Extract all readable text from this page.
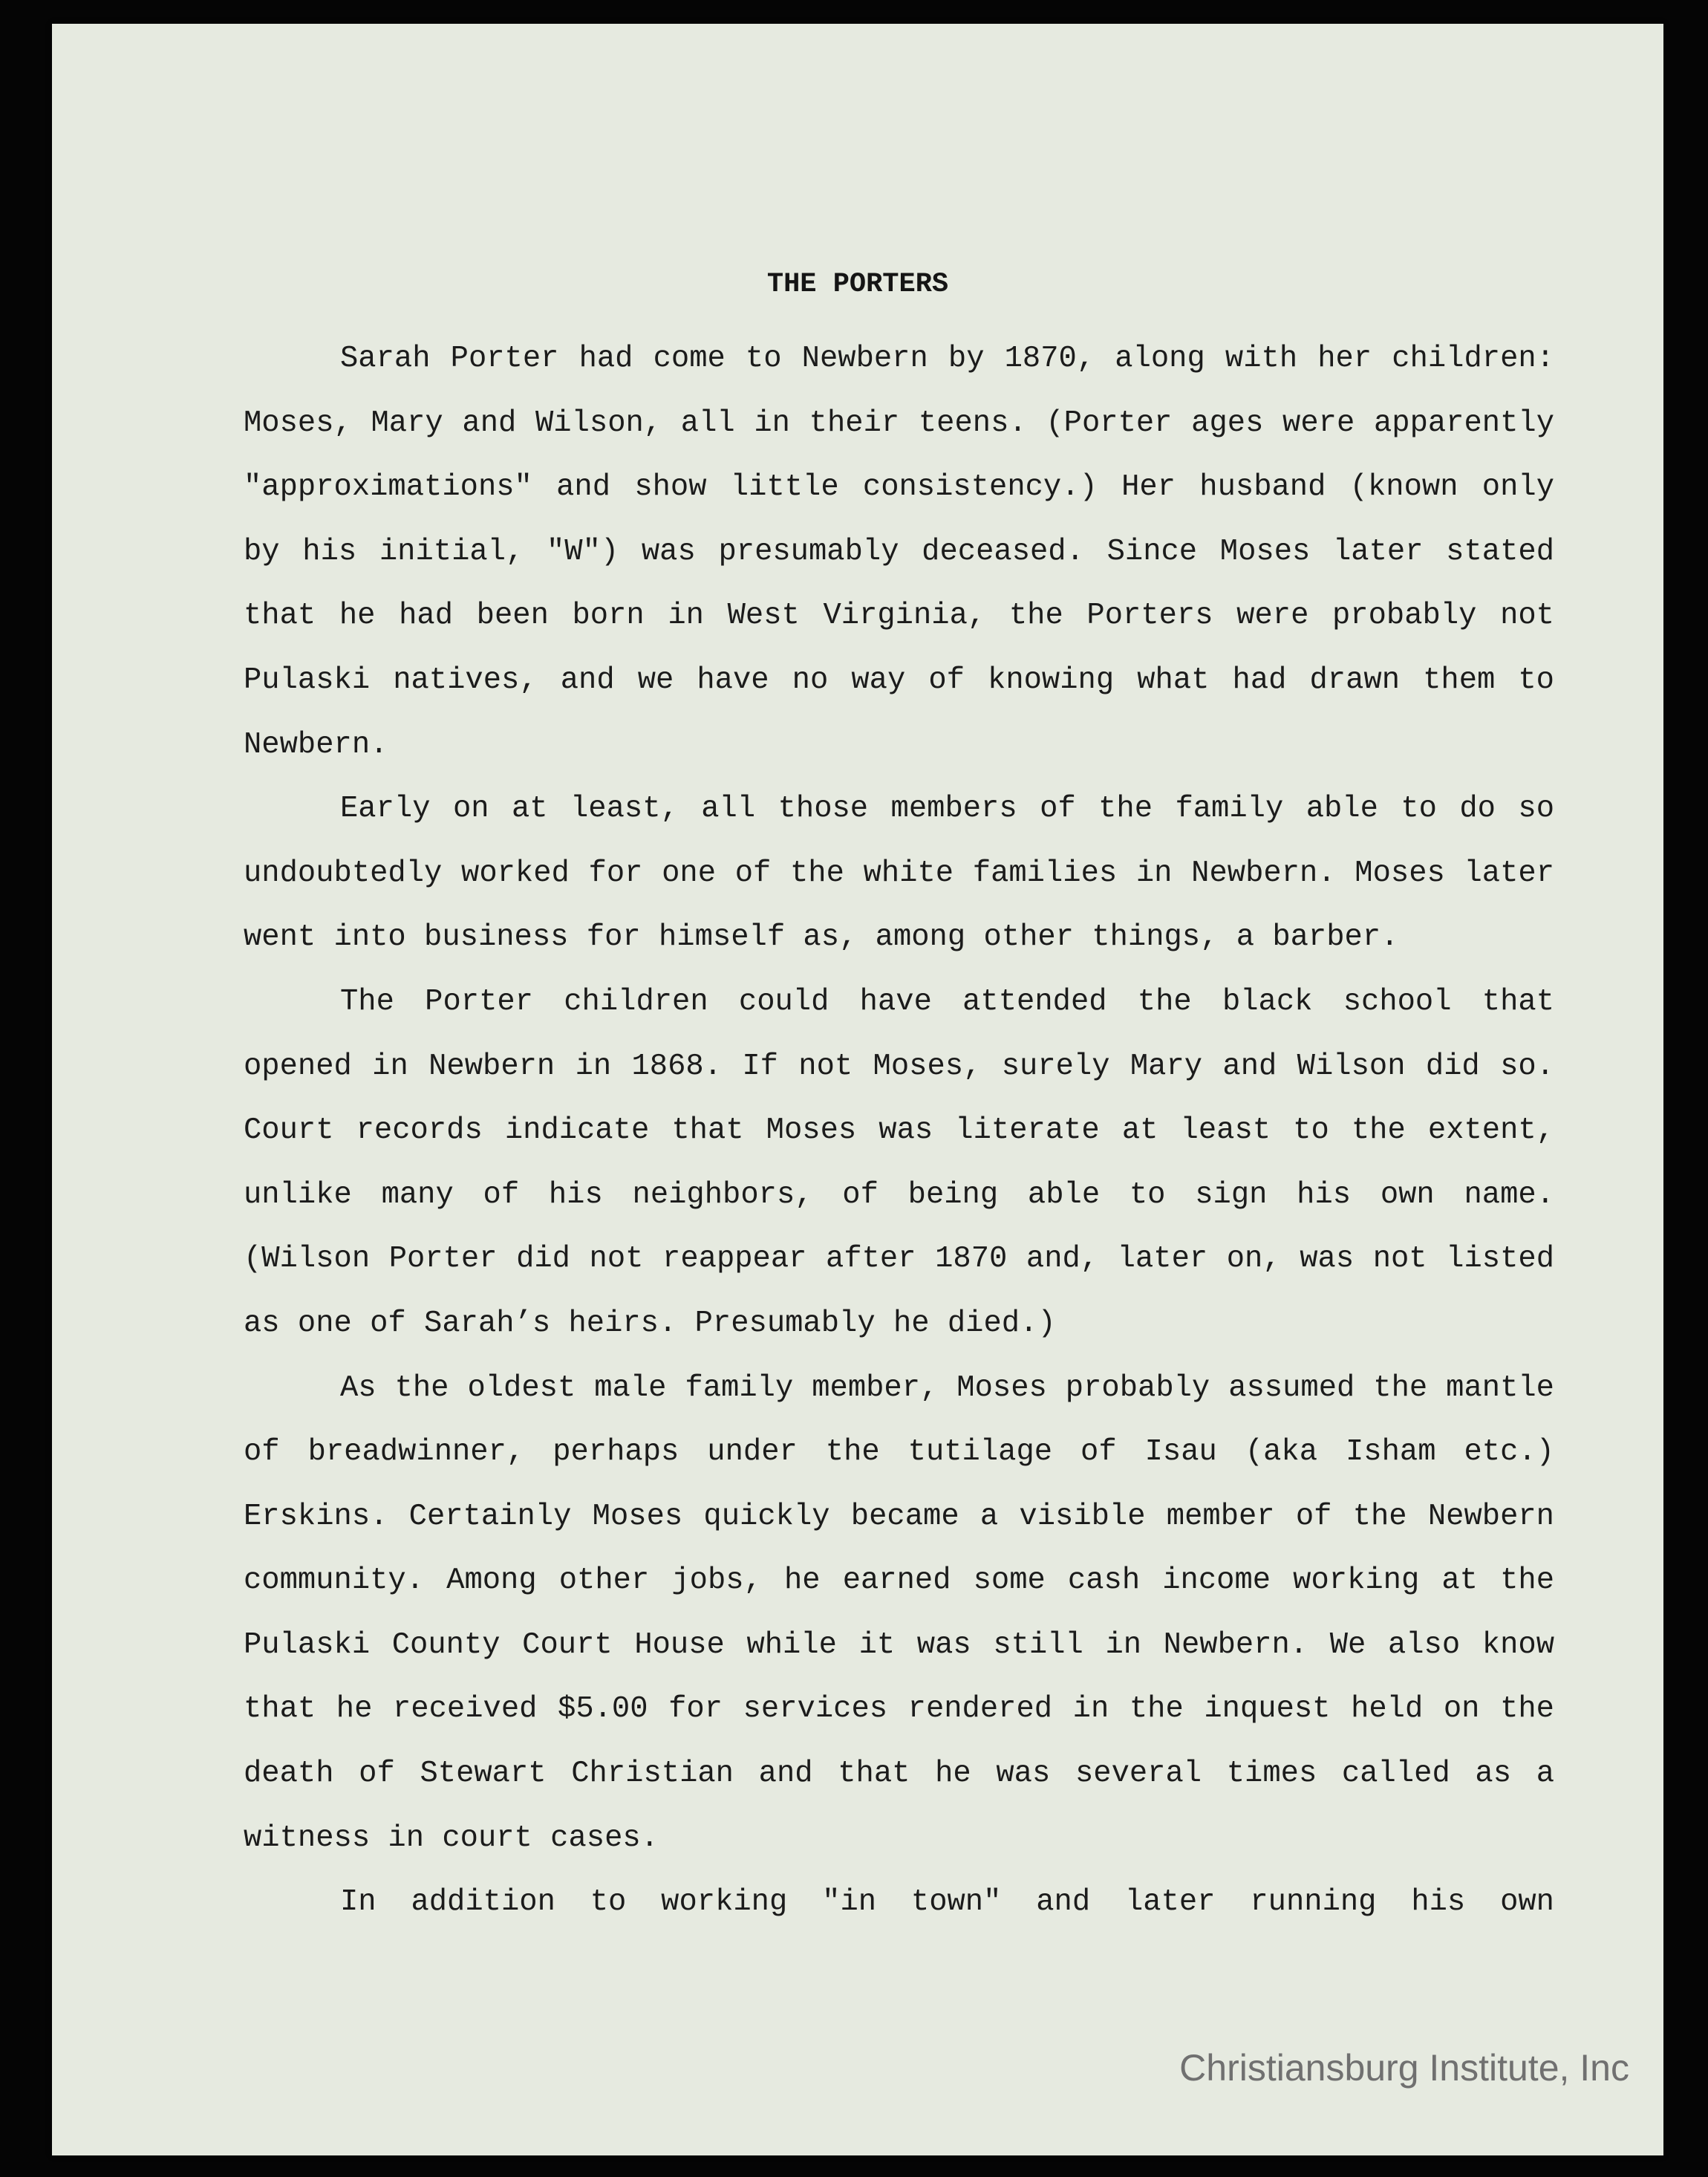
THE PORTERS

Sarah Porter had come to Newbern by 1870, along with her children: Moses, Mary and Wilson, all in their teens. (Porter ages were apparently "approximations" and show little consistency.) Her husband (known only by his initial, "W") was presumably deceased. Since Moses later stated that he had been born in West Virginia, the Porters were probably not Pulaski natives, and we have no way of knowing what had drawn them to Newbern.

Early on at least, all those members of the family able to do so undoubtedly worked for one of the white families in Newbern. Moses later went into business for himself as, among other things, a barber.

The Porter children could have attended the black school that opened in Newbern in 1868. If not Moses, surely Mary and Wilson did so. Court records indicate that Moses was literate at least to the extent, unlike many of his neighbors, of being able to sign his own name. (Wilson Porter did not reappear after 1870 and, later on, was not listed as one of Sarah’s heirs. Presumably he died.)

As the oldest male family member, Moses probably assumed the mantle of breadwinner, perhaps under the tutilage of Isau (aka Isham etc.) Erskins. Certainly Moses quickly became a visible member of the Newbern community. Among other jobs, he earned some cash income working at the Pulaski County Court House while it was still in Newbern. We also know that he received $5.00 for services rendered in the inquest held on the death of Stewart Christian and that he was several times called as a witness in court cases.

In addition to working "in town" and later running his own

Christiansburg Institute, Inc
